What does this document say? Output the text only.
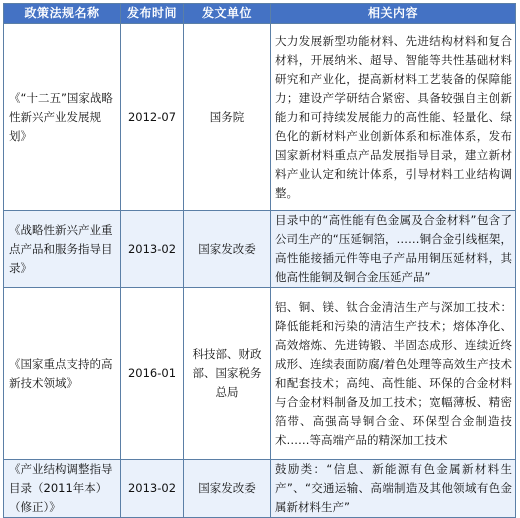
政策法规名称	发布时间	发文单位	相关内容
《“十二五”国家战略性新兴产业发展规划》	2012-07	国务院	大力发展新型功能材料、先进结构材料和复合材料，开展纳米、超导、智能等共性基础材料研究和产业化，提高新材料工艺装备的保障能力；建设产学研结合紧密、具备较强自主创新能力和可持续发展能力的高性能、轻量化、绿色化的新材料产业创新体系和标准体系，发布国家新材料重点产品发展指导目录，建立新材料产业认定和统计体系，引导材料工业结构调整。
《战略性新兴产业重点产品和服务指导目录》	2013-02	国家发改委	目录中的“高性能有色金属及合金材料”包含了公司生产的“压延铜箔，……铜合金引线框架，高性能接插元件等电子产品用铜压延材料，其他高性能铜及铜合金压延产品”
《国家重点支持的高新技术领域》	2016-01	科技部、财政部、国家税务总局	铝、铜、镁、钛合金清洁生产与深加工技术：降低能耗和污染的清洁生产技术；熔体净化、高效熔炼、先进铸锻、半固态成形、连续近终成形、连续表面防腐/着色处理等高效生产技术和配套技术；高纯、高性能、环保的合金材料与合金材料制备及加工技术；宽幅薄板、精密箔带、高强高导铜合金、环保型合金制造技术……等高端产品的精深加工技术
《产业结构调整指导目录（2011年本）（修正）》	2013-02	国家发改委	鼓励类：“信息、新能源有色金属新材料生产”、“交通运输、高端制造及其他领域有色金属新材料生产”
